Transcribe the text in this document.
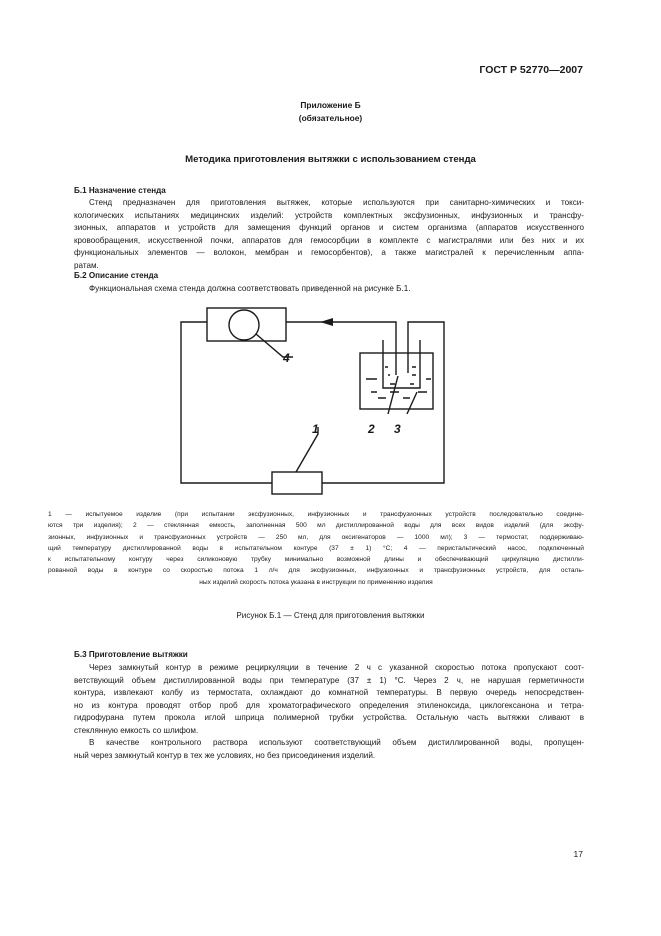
ГОСТ Р 52770—2007
Приложение Б
(обязательное)
Методика приготовления вытяжки с использованием стенда
Б.1 Назначение стенда

Стенд предназначен для приготовления вытяжек, которые используются при санитарно-химических и токси-

кологических испытаниях медицинских изделий: устройств комплектных эксфузионных, инфузионных и трансфу-

зионных, аппаратов и устройств для замещения функций органов и систем организма (аппаратов искусственного

кровообращения, искусственной почки, аппаратов для гемосорбции в комплекте с магистралями или без них и их

функциональных элементов — волокон, мембран и гемосорбентов), а также магистралей к перечисленным аппа-

ратам.

Б.2 Описание стенда

Функциональная схема стенда должна соответствовать приведенной на рисунке Б.1.

4
1	2 3

1 — испытуемое изделие (при испытании эксфузионных, инфузионных и трансфузионных устройств последовательно соедине-

ются три изделия); 2 — стеклянная емкость, заполненная 500 мл дистиллированной воды для всех видов изделий (для эксфу-

зионных, инфузионных и трансфузионных устройств — 250 мл, для оксигенаторов — 1000 мл); 3 — термостат, поддерживаю-

щий температуру дистиллированной воды в испытательном контуре (37 ± 1) °С; 4 — перистальтический насос, подключенный

к испытательному контуру через силиконовую трубку минимально возможной длины и обеспечивающий циркуляцию дистилли-

рованной воды в контуре со скоростью потока 1 л/ч для эксфузионных, инфузионных и трансфузионных устройств, для осталь-

ных изделий скорость потока указана в инструкции по применению изделия

Рисунок Б.1 — Стенд для приготовления вытяжки
Б.3 Приготовление вытяжки

Через замкнутый контур в режиме рециркуляции в течение 2 ч с указанной скоростью потока пропускают соот-

ветствующий объем дистиллированной воды при температуре (37 ± 1) °С. Через 2 ч, не нарушая герметичности

контура, извлекают колбу из термостата, охлаждают до комнатной температуры. В первую очередь непосредствен-

но из контура проводят отбор проб для хроматографического определения этиленоксида, циклогексанона и тетра-

гидрофурана путем прокола иглой шприца полимерной трубки устройства. Остальную часть вытяжки сливают в

стеклянную емкость со шлифом.

В качестве контрольного раствора используют соответствующий объем дистиллированной воды, пропущен-

ный через замкнутый контур в тех же условиях, но без присоединения изделий.

17
